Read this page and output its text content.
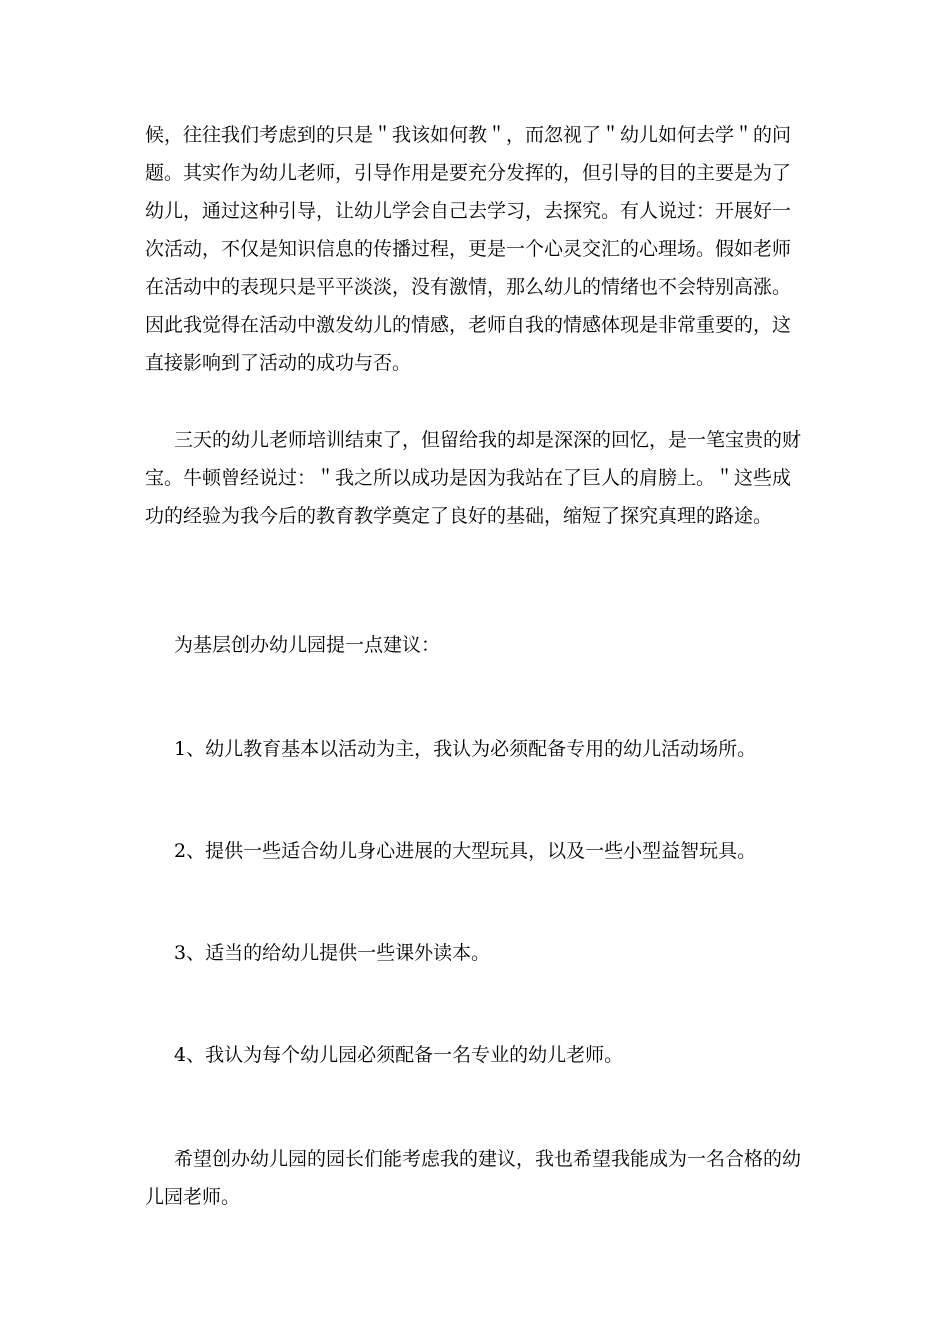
候，往往我们考虑到的只是＂我该如何教＂，而忽视了＂幼儿如何去学＂的问
题。其实作为幼儿老师，引导作用是要充分发挥的，但引导的目的主要是为了
幼儿，通过这种引导，让幼儿学会自己去学习，去探究。有人说过：开展好一
次活动，不仅是知识信息的传播过程，更是一个心灵交汇的心理场。假如老师
在活动中的表现只是平平淡淡，没有激情，那么幼儿的情绪也不会特别高涨。
因此我觉得在活动中激发幼儿的情感，老师自我的情感体现是非常重要的，这
直接影响到了活动的成功与否。
三天的幼儿老师培训结束了，但留给我的却是深深的回忆，是一笔宝贵的财
宝。牛顿曾经说过：＂我之所以成功是因为我站在了巨人的肩膀上。＂这些成
功的经验为我今后的教育教学奠定了良好的基础，缩短了探究真理的路途。
为基层创办幼儿园提一点建议：
1、幼儿教育基本以活动为主，我认为必须配备专用的幼儿活动场所。
2、提供一些适合幼儿身心进展的大型玩具，以及一些小型益智玩具。
3、适当的给幼儿提供一些课外读本。
4、我认为每个幼儿园必须配备一名专业的幼儿老师。
希望创办幼儿园的园长们能考虑我的建议，我也希望我能成为一名合格的幼
儿园老师。
